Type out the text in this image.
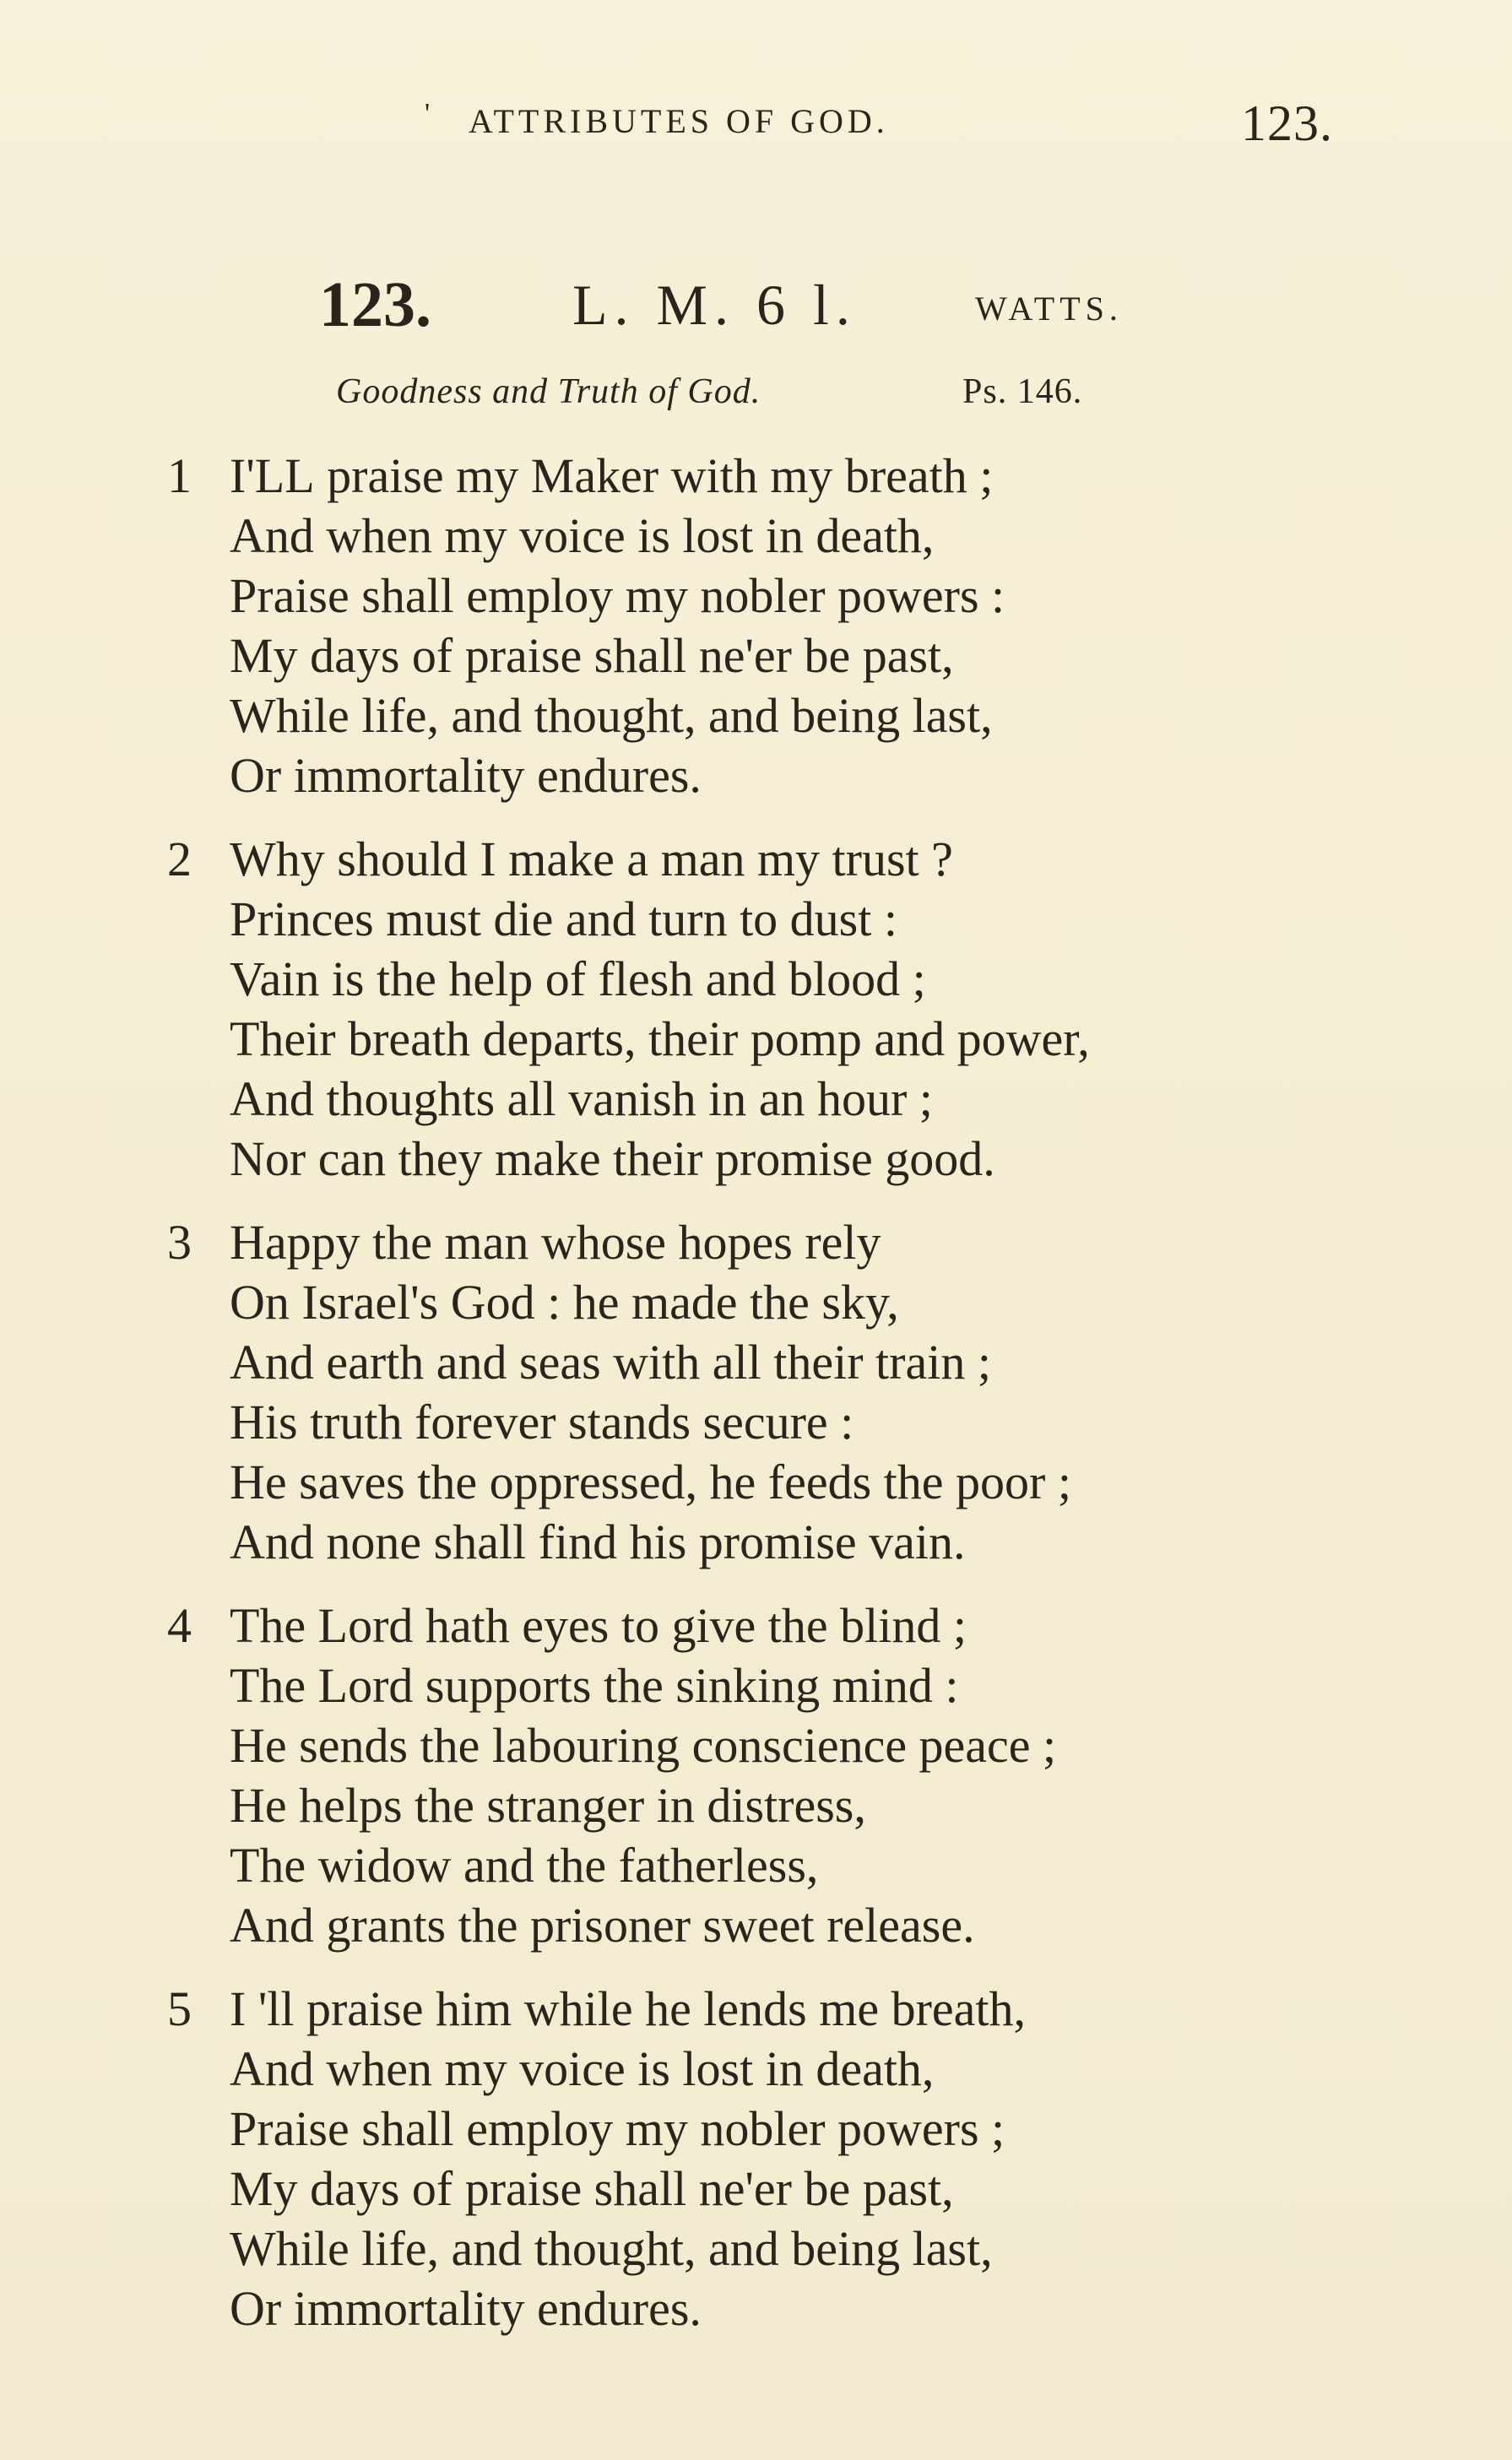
' ATTRIBUTES OF GOD.	123.
123. L. M. 6 l.	WATTS.
Goodness and Truth of God.	Ps. 146.
1 I'LL praise my Maker with my breath ;
And when my voice is lost in death,
Praise shall employ my nobler powers :
My days of praise shall ne'er be past,
While life, and thought, and being last,
Or immortality endures.
2 Why should I make a man my trust ?
Princes must die and turn to dust :
Vain is the help of flesh and blood ;
Their breath departs, their pomp and power,
And thoughts all vanish in an hour ;
Nor can they make their promise good.
3 Happy the man whose hopes rely
On Israel's God : he made the sky,
And earth and seas with all their train ;
His truth forever stands secure :
He saves the oppressed, he feeds the poor ;
And none shall find his promise vain.
4 The Lord hath eyes to give the blind ;
The Lord supports the sinking mind :
He sends the labouring conscience peace ;
He helps the stranger in distress,
The widow and the fatherless,
And grants the prisoner sweet release.
5 I 'll praise him while he lends me breath,
And when my voice is lost in death,
Praise shall employ my nobler powers ;
My days of praise shall ne'er be past,
While life, and thought, and being last,
Or immortality endures.
